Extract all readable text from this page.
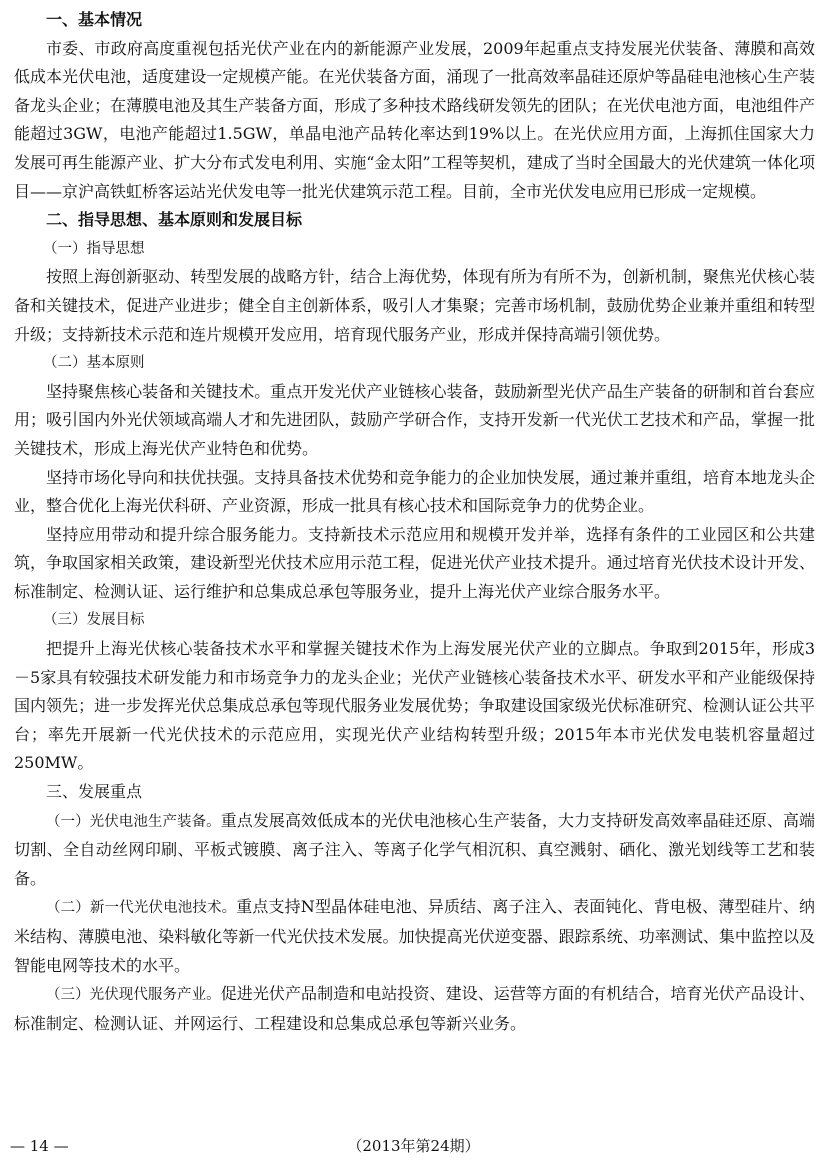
一、基本情况

市委、市政府高度重视包括光伏产业在内的新能源产业发展，2009年起重点支持发展光伏装备、薄膜和高效低成本光伏电池，适度建设一定规模产能。在光伏装备方面，涌现了一批高效率晶硅还原炉等晶硅电池核心生产装备龙头企业；在薄膜电池及其生产装备方面，形成了多种技术路线研发领先的团队；在光伏电池方面，电池组件产能超过3GW，电池产能超过1.5GW，单晶电池产品转化率达到19%以上。在光伏应用方面，上海抓住国家大力发展可再生能源产业、扩大分布式发电利用、实施“金太阳”工程等契机，建成了当时全国最大的光伏建筑一体化项目——京沪高铁虹桥客运站光伏发电等一批光伏建筑示范工程。目前，全市光伏发电应用已形成一定规模。

二、指导思想、基本原则和发展目标

（一）指导思想

按照上海创新驱动、转型发展的战略方针，结合上海优势，体现有所为有所不为，创新机制，聚焦光伏核心装备和关键技术，促进产业进步；健全自主创新体系，吸引人才集聚；完善市场机制，鼓励优势企业兼并重组和转型升级；支持新技术示范和连片规模开发应用，培育现代服务产业，形成并保持高端引领优势。

（二）基本原则

坚持聚焦核心装备和关键技术。重点开发光伏产业链核心装备，鼓励新型光伏产品生产装备的研制和首台套应用；吸引国内外光伏领域高端人才和先进团队，鼓励产学研合作，支持开发新一代光伏工艺技术和产品，掌握一批关键技术，形成上海光伏产业特色和优势。

坚持市场化导向和扶优扶强。支持具备技术优势和竞争能力的企业加快发展，通过兼并重组，培育本地龙头企业，整合优化上海光伏科研、产业资源，形成一批具有核心技术和国际竞争力的优势企业。

坚持应用带动和提升综合服务能力。支持新技术示范应用和规模开发并举，选择有条件的工业园区和公共建筑，争取国家相关政策，建设新型光伏技术应用示范工程，促进光伏产业技术提升。通过培育光伏技术设计开发、标准制定、检测认证、运行维护和总集成总承包等服务业，提升上海光伏产业综合服务水平。

（三）发展目标

把提升上海光伏核心装备技术水平和掌握关键技术作为上海发展光伏产业的立脚点。争取到2015年，形成3－5家具有较强技术研发能力和市场竞争力的龙头企业；光伏产业链核心装备技术水平、研发水平和产业能级保持国内领先；进一步发挥光伏总集成总承包等现代服务业发展优势；争取建设国家级光伏标准研究、检测认证公共平台；率先开展新一代光伏技术的示范应用，实现光伏产业结构转型升级；2015年本市光伏发电装机容量超过250MW。

三、发展重点

（一）光伏电池生产装备。重点发展高效低成本的光伏电池核心生产装备，大力支持研发高效率晶硅还原、高端切割、全自动丝网印刷、平板式镀膜、离子注入、等离子化学气相沉积、真空溅射、硒化、激光划线等工艺和装备。

（二）新一代光伏电池技术。重点支持N型晶体硅电池、异质结、离子注入、表面钝化、背电极、薄型硅片、纳米结构、薄膜电池、染料敏化等新一代光伏技术发展。加快提高光伏逆变器、跟踪系统、功率测试、集中监控以及智能电网等技术的水平。

（三）光伏现代服务产业。促进光伏产品制造和电站投资、建设、运营等方面的有机结合，培育光伏产品设计、标准制定、检测认证、并网运行、工程建设和总集成总承包等新兴业务。

— 14 —	（2013年第24期）
